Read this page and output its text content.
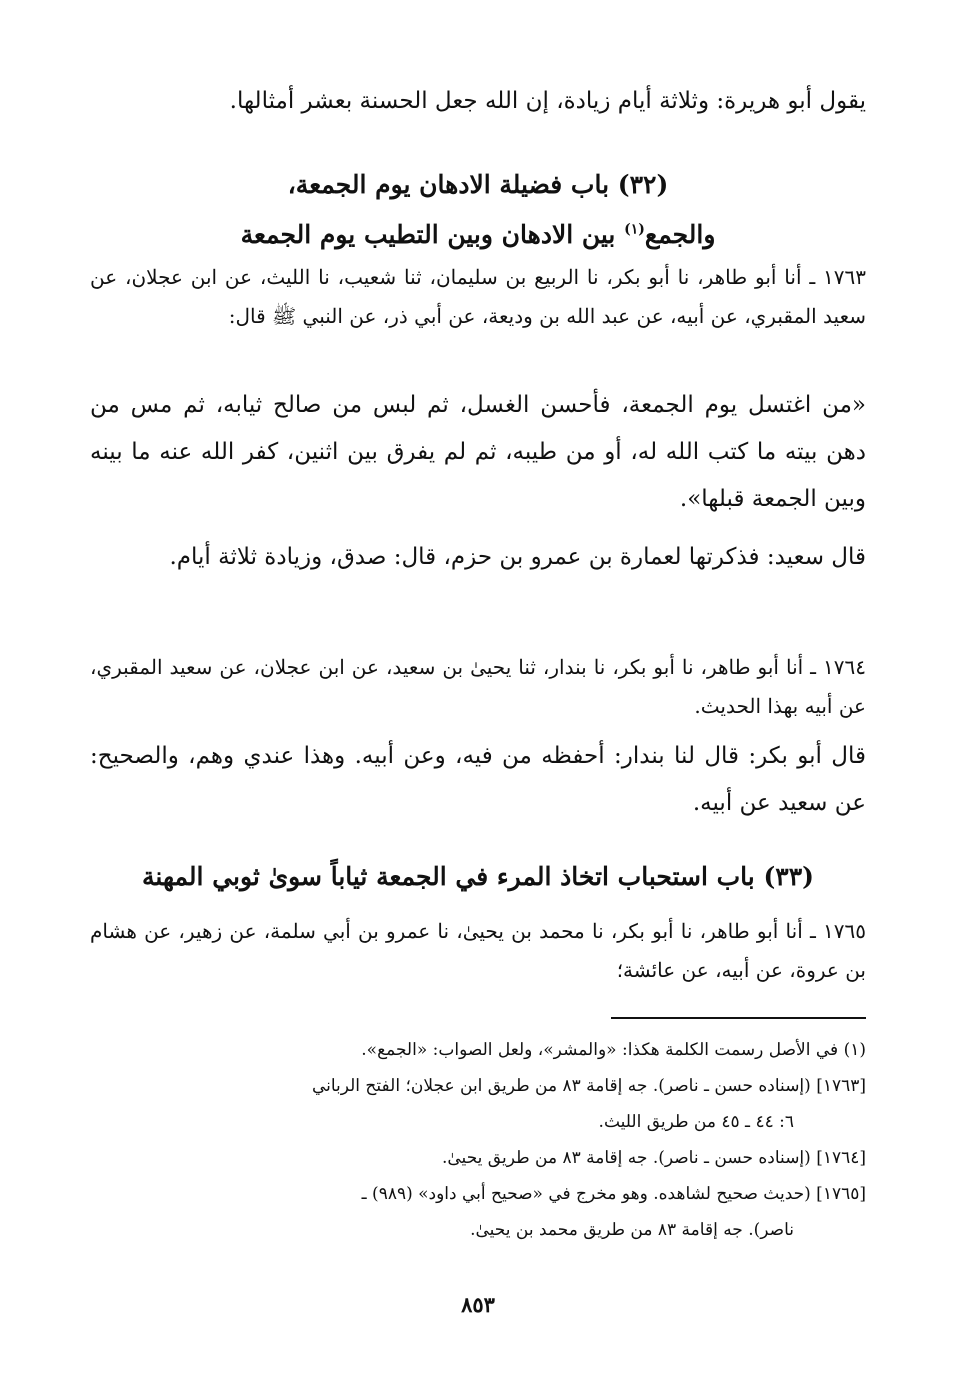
يقول أبو هريرة: وثلاثة أيام زيادة، إن الله جعل الحسنة بعشر أمثالها.

(٣٢) باب فضيلة الادهان يوم الجمعة،
والجمع$^{(١)}$ بين الادهان وبين التطيب يوم الجمعة

١٧٦٣ ـ أنا أبو طاهر، نا أبو بكر، نا الربيع بن سليمان، ثنا شعيب، نا الليث، عن ابن عجلان، عن سعيد المقبري، عن أبيه، عن عبد الله بن وديعة، عن أبي ذر، عن النبي ﷺ قال:

«من اغتسل يوم الجمعة، فأحسن الغسل، ثم لبس من صالح ثيابه، ثم مس من دهن بيته ما كتب الله له، أو من طيبه، ثم لم يفرق بين اثنين، كفر الله عنه ما بينه وبين الجمعة قبلها».

قال سعيد: فذكرتها لعمارة بن عمرو بن حزم، قال: صدق، وزيادة ثلاثة أيام.

١٧٦٤ ـ أنا أبو طاهر، نا أبو بكر، نا بندار، ثنا يحيىٰ بن سعيد، عن ابن عجلان، عن سعيد المقبري، عن أبيه بهذا الحديث.

قال أبو بكر: قال لنا بندار: أحفظه من فيه، وعن أبيه. وهذا عندي وهم، والصحيح: عن سعيد عن أبيه.

(٣٣) باب استحباب اتخاذ المرء في الجمعة ثياباً سوىٰ ثوبي المهنة

١٧٦٥ ـ أنا أبو طاهر، نا أبو بكر، نا محمد بن يحيىٰ، نا عمرو بن أبي سلمة، عن زهير، عن هشام بن عروة، عن أبيه، عن عائشة؛

(١) في الأصل رسمت الكلمة هكذا: «والمشر»، ولعل الصواب: «الجمع».
[١٧٦٣] (إسناده حسن ـ ناصر). جه إقامة ٨٣ من طريق ابن عجلان؛ الفتح الرباني
٦: ٤٤ ـ ٤٥ من طريق الليث.
[١٧٦٤] (إسناده حسن ـ ناصر). جه إقامة ٨٣ من طريق يحيىٰ.
[١٧٦٥] (حديث صحيح لشاهده. وهو مخرج في «صحيح أبي داود» (٩٨٩) ـ
ناصر). جه إقامة ٨٣ من طريق محمد بن يحيىٰ.
٨٥٣
